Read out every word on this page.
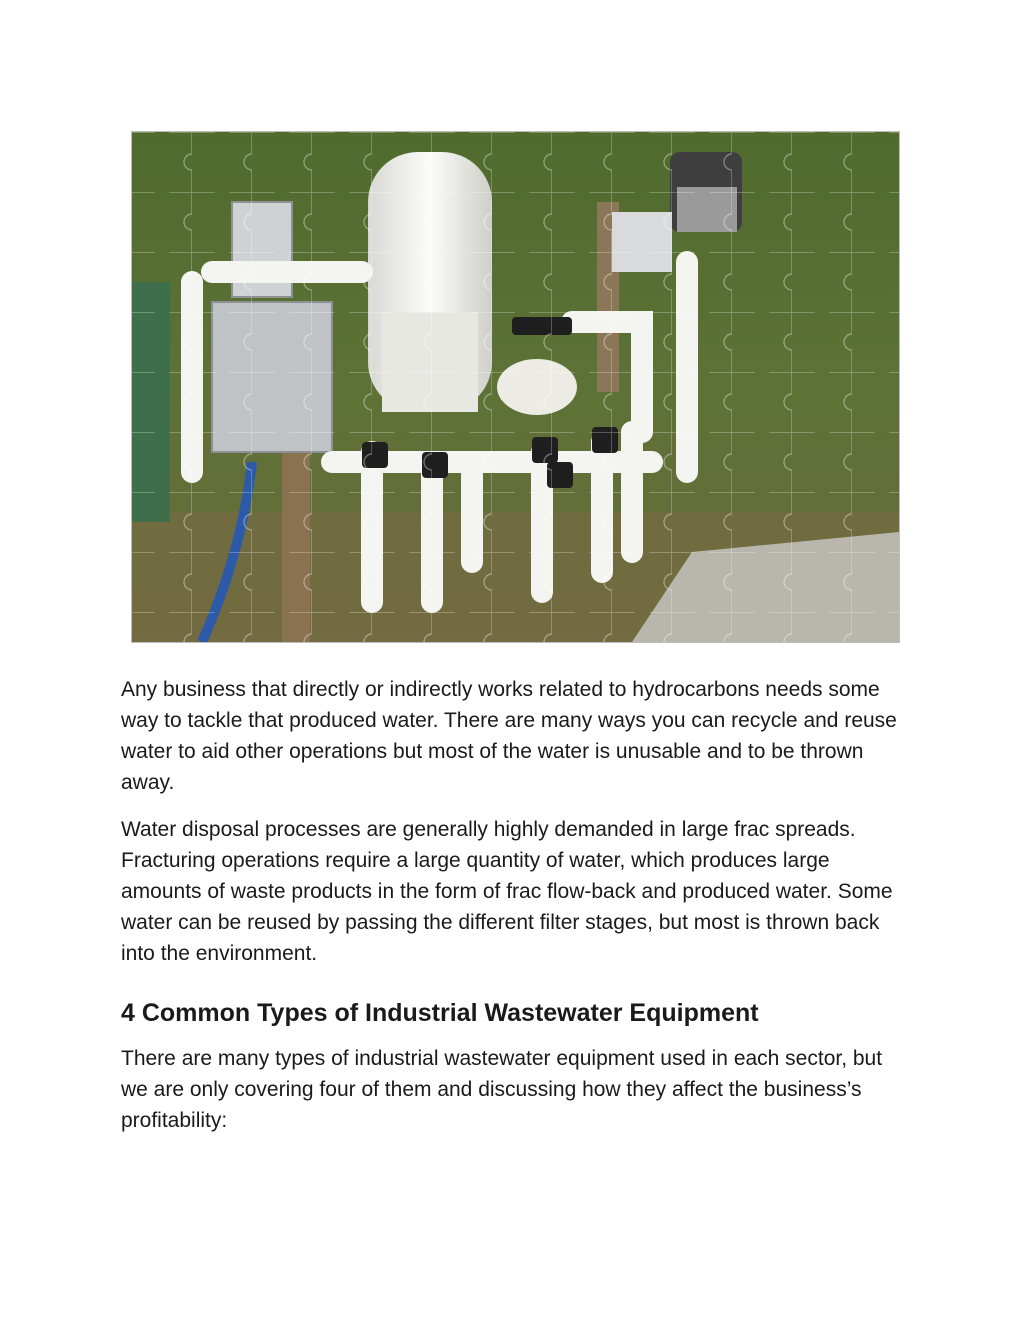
Any business that directly or indirectly works related to hydrocarbons needs some way to tackle that produced water. There are many ways you can recycle and reuse water to aid other operations but most of the water is unusable and to be thrown away.

Water disposal processes are generally highly demanded in large frac spreads. Fracturing operations require a large quantity of water, which produces large amounts of waste products in the form of frac flow-back and produced water. Some water can be reused by passing the different filter stages, but most is thrown back into the environment.

4 Common Types of Industrial Wastewater Equipment

There are many types of industrial wastewater equipment used in each sector, but we are only covering four of them and discussing how they affect the business’s profitability:
